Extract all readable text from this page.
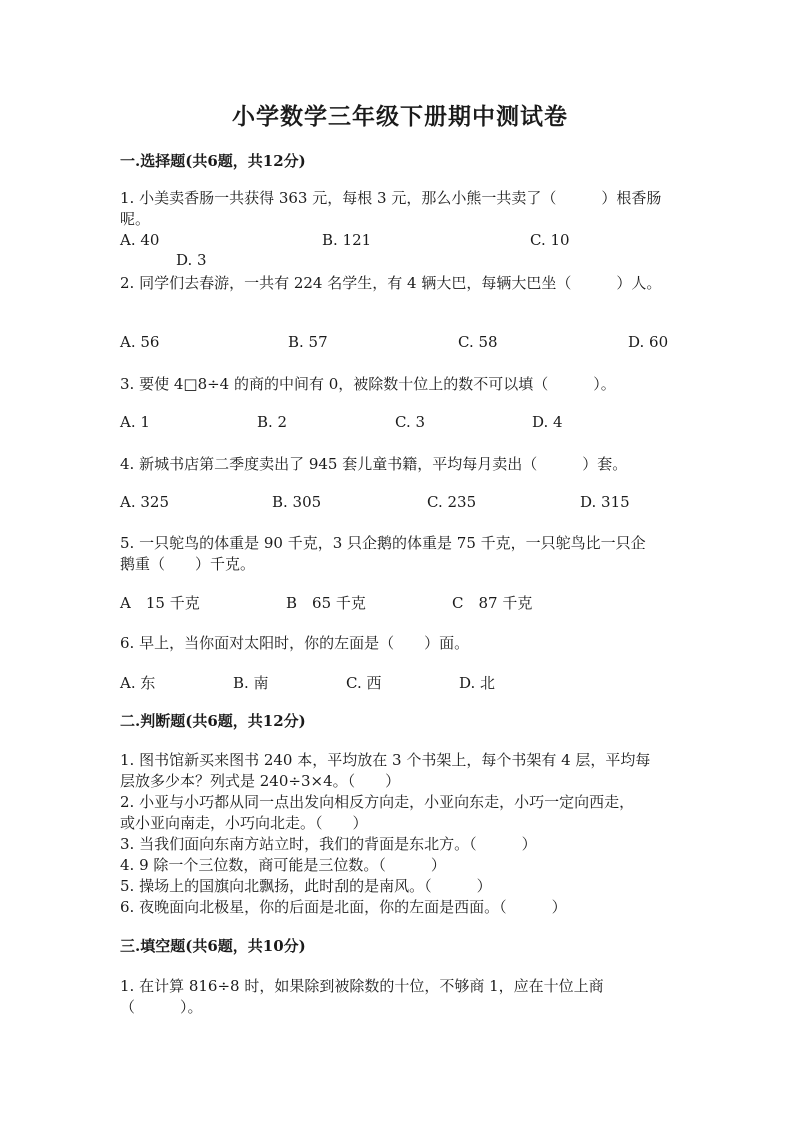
小学数学三年级下册期中测试卷
一.选择题(共6题，共12分)
1. 小美卖香肠一共获得 363 元，每根 3 元，那么小熊一共卖了（　　　）根香肠
呢。
A. 40	B. 121	C. 10
D. 3
2. 同学们去春游，一共有 224 名学生，有 4 辆大巴，每辆大巴坐（　　　）人。
A. 56	B. 57	C. 58	D. 60
3. 要使 4□8÷4 的商的中间有 0，被除数十位上的数不可以填（　　　）。
A. 1	B. 2	C. 3	D. 4
4. 新城书店第二季度卖出了 945 套儿童书籍，平均每月卖出（　　　）套。
A. 325	B. 305	C. 235	D. 315
5. 一只鸵鸟的体重是 90 千克，3 只企鹅的体重是 75 千克，一只鸵鸟比一只企
鹅重（　　）千克。
A　15 千克	B　65 千克	C　87 千克
6. 早上，当你面对太阳时，你的左面是（　　）面。
A. 东	B. 南	C. 西	D. 北
二.判断题(共6题，共12分)
1. 图书馆新买来图书 240 本，平均放在 3 个书架上，每个书架有 4 层，平均每
层放多少本？列式是 240÷3×4。（　　）
2. 小亚与小巧都从同一点出发向相反方向走，小亚向东走，小巧一定向西走，
或小亚向南走，小巧向北走。（　　）
3. 当我们面向东南方站立时，我们的背面是东北方。（　　　）
4. 9 除一个三位数，商可能是三位数。（　　　）
5. 操场上的国旗向北飘扬，此时刮的是南风。（　　　）
6. 夜晚面向北极星，你的后面是北面，你的左面是西面。（　　　）
三.填空题(共6题，共10分)
1. 在计算 816÷8 时，如果除到被除数的十位，不够商 1，应在十位上商
（　　　）。
